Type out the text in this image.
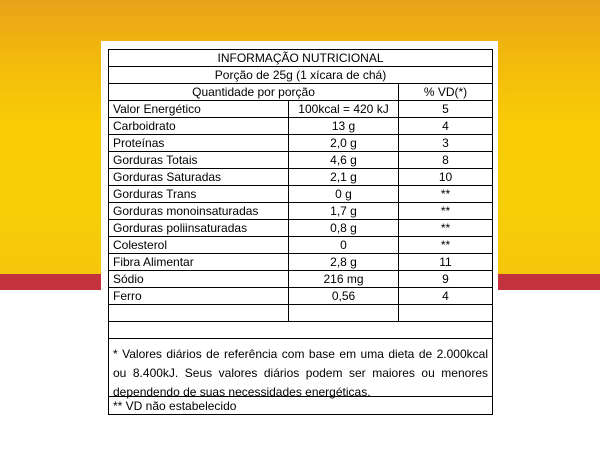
INFORMAÇÃO NUTRICIONAL
Porção de 25g (1 xícara de chá)
Quantidade por porção	% VD(*)
Valor Energético	100kcal = 420 kJ	5
Carboidrato	13 g	4
Proteínas	2,0 g	3
Gorduras Totais	4,6 g	8
Gorduras Saturadas	2,1 g	10
Gorduras Trans	0 g	**
Gorduras monoinsaturadas	1,7 g	**
Gorduras poliinsaturadas	0,8 g	**
Colesterol	0	**
Fibra Alimentar	2,8 g	11
Sódio	216 mg	9
Ferro	0,56	4
* Valores diários de referência com base em uma dieta de 2.000kcal ou 8.400kJ. Seus valores diários podem ser maiores ou menores dependendo de suas necessidades energéticas.
** VD não estabelecido
